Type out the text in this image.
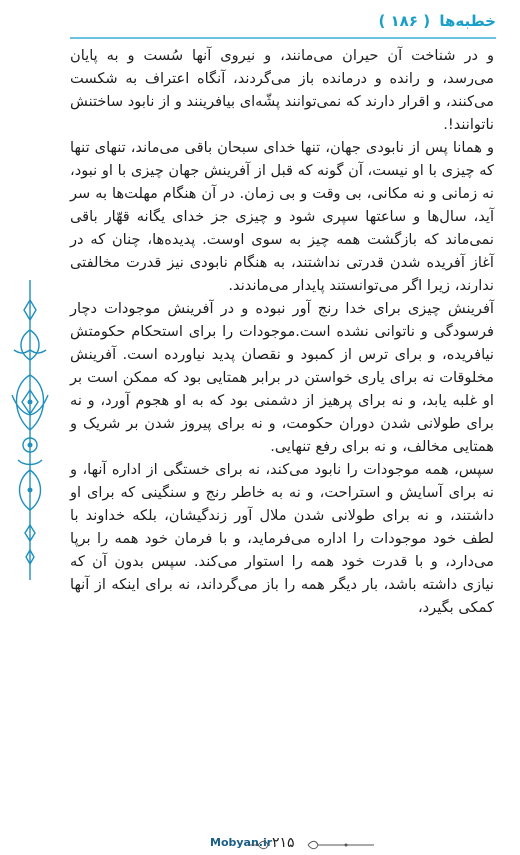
خطبه‌ها ( ۱۸۶ )

و در شناخت آن حیران می‌مانند، و نیروی آنها سُست و به پایان می‌رسد، و رانده و درمانده باز می‌گردند، آنگاه اعتراف به شکست می‌کنند، و اقرار دارند که نمی‌توانند پشّه‌ای بیافرینند و از نابود ساختنش ناتوانند!.

و همانا پس از نابودی جهان، تنها خدای سبحان باقی می‌ماند، تنهای تنها که چیزی با او نیست، آن گونه که قبل از آفرینش جهان چیزی با او نبود، نه زمانی و نه مکانی، بی وقت و بی زمان. در آن هنگام مهلت‌ها به سر آید، سال‌ها و ساعتها سپری شود و چیزی جز خدای یگانه قهّار باقی نمی‌ماند که بازگشت همه چیز به سوی اوست. پدیده‌ها، چنان که در آغاز آفریده شدن قدرتی نداشتند، به هنگام نابودی نیز قدرت مخالفتی ندارند، زیرا اگر می‌توانستند پایدار می‌ماندند.

آفرینش چیزی برای خدا رنج آور نبوده و در آفرینش موجودات دچار فرسودگی و ناتوانی نشده است.موجودات را برای استحکام حکومتش نیافریده، و برای ترس از کمبود و نقصان پدید نیاورده است. آفرینش مخلوقات نه برای یاری خواستن در برابر همتایی بود که ممکن است بر او غلبه یابد، و نه برای پرهیز از دشمنی بود که به او هجوم آورد، و نه برای طولانی شدن دوران حکومت، و نه برای پیروز شدن بر شریک و همتایی مخالف، و نه برای رفع تنهایی.

سپس، همه موجودات را نابود می‌کند، نه برای خستگی از اداره آنها، و نه برای آسایش و استراحت، و نه به خاطر رنج و سنگینی که برای او داشتند، و نه برای طولانی شدن ملال آور زندگیشان، بلکه خداوند با لطف خود موجودات را اداره می‌فرماید، و با فرمان خود همه را برپا می‌دارد، و با قدرت خود همه را استوار می‌کند. سپس بدون آن که نیازی داشته باشد، بار دیگر همه را باز می‌گرداند، نه برای اینکه از آنها کمکی بگیرد،

Mobyan.ir ۲۱۵
